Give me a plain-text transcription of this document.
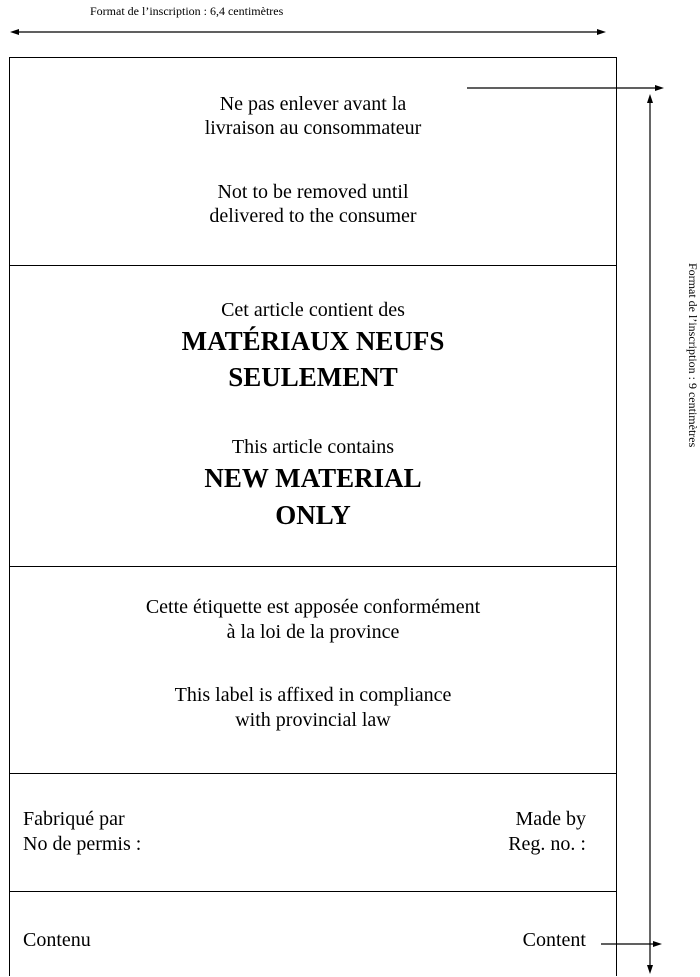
Format de l’inscription : 6,4 centimètres
Format de l’inscription : 9 centimètres
Ne pas enlever avant la
livraison au consommateur
Not to be removed until
delivered to the consumer
Cet article contient des
MATÉRIAUX NEUFS
SEULEMENT
This article contains
NEW MATERIAL
ONLY
Cette étiquette est apposée conformément
à la loi de la province
This label is affixed in compliance
with provincial law
Fabriqué par
No de permis :
Made by
Reg. no. :
Contenu	Content
